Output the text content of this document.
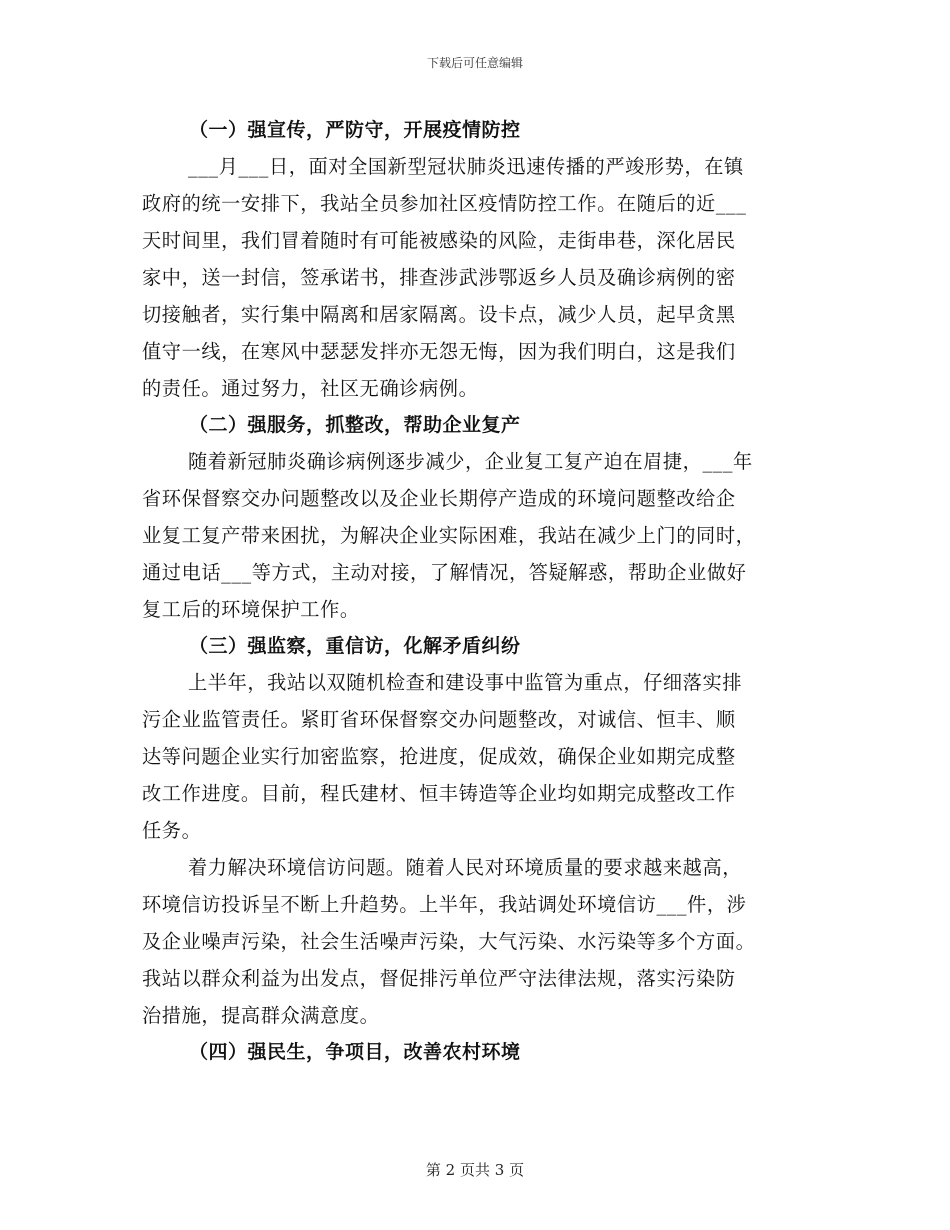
下载后可任意编辑
（一）强宣传，严防守，开展疫情防控

___月___日，面对全国新型冠状肺炎迅速传播的严竣形势，在镇

政府的统一安排下，我站全员参加社区疫情防控工作。在随后的近___

天时间里，我们冒着随时有可能被感染的风险，走街串巷，深化居民

家中，送一封信，签承诺书，排查涉武涉鄂返乡人员及确诊病例的密

切接触者，实行集中隔离和居家隔离。设卡点，减少人员，起早贪黑

值守一线，在寒风中瑟瑟发拌亦无怨无悔，因为我们明白，这是我们

的责任。通过努力，社区无确诊病例。

（二）强服务，抓整改，帮助企业复产

随着新冠肺炎确诊病例逐步减少，企业复工复产迫在眉捷，___年

省环保督察交办问题整改以及企业长期停产造成的环境问题整改给企

业复工复产带来困扰，为解决企业实际困难，我站在减少上门的同时，

通过电话___等方式，主动对接，了解情况，答疑解惑，帮助企业做好

复工后的环境保护工作。

（三）强监察，重信访，化解矛盾纠纷

上半年，我站以双随机检查和建设事中监管为重点，仔细落实排

污企业监管责任。紧盯省环保督察交办问题整改，对诚信、恒丰、顺

达等问题企业实行加密监察，抢进度，促成效，确保企业如期完成整

改工作进度。目前，程氏建材、恒丰铸造等企业均如期完成整改工作

任务。

着力解决环境信访问题。随着人民对环境质量的要求越来越高，

环境信访投诉呈不断上升趋势。上半年，我站调处环境信访___件，涉

及企业噪声污染，社会生活噪声污染，大气污染、水污染等多个方面。

我站以群众利益为出发点，督促排污单位严守法律法规，落实污染防

治措施，提高群众满意度。

（四）强民生，争项目，改善农村环境
第 2 页共 3 页
